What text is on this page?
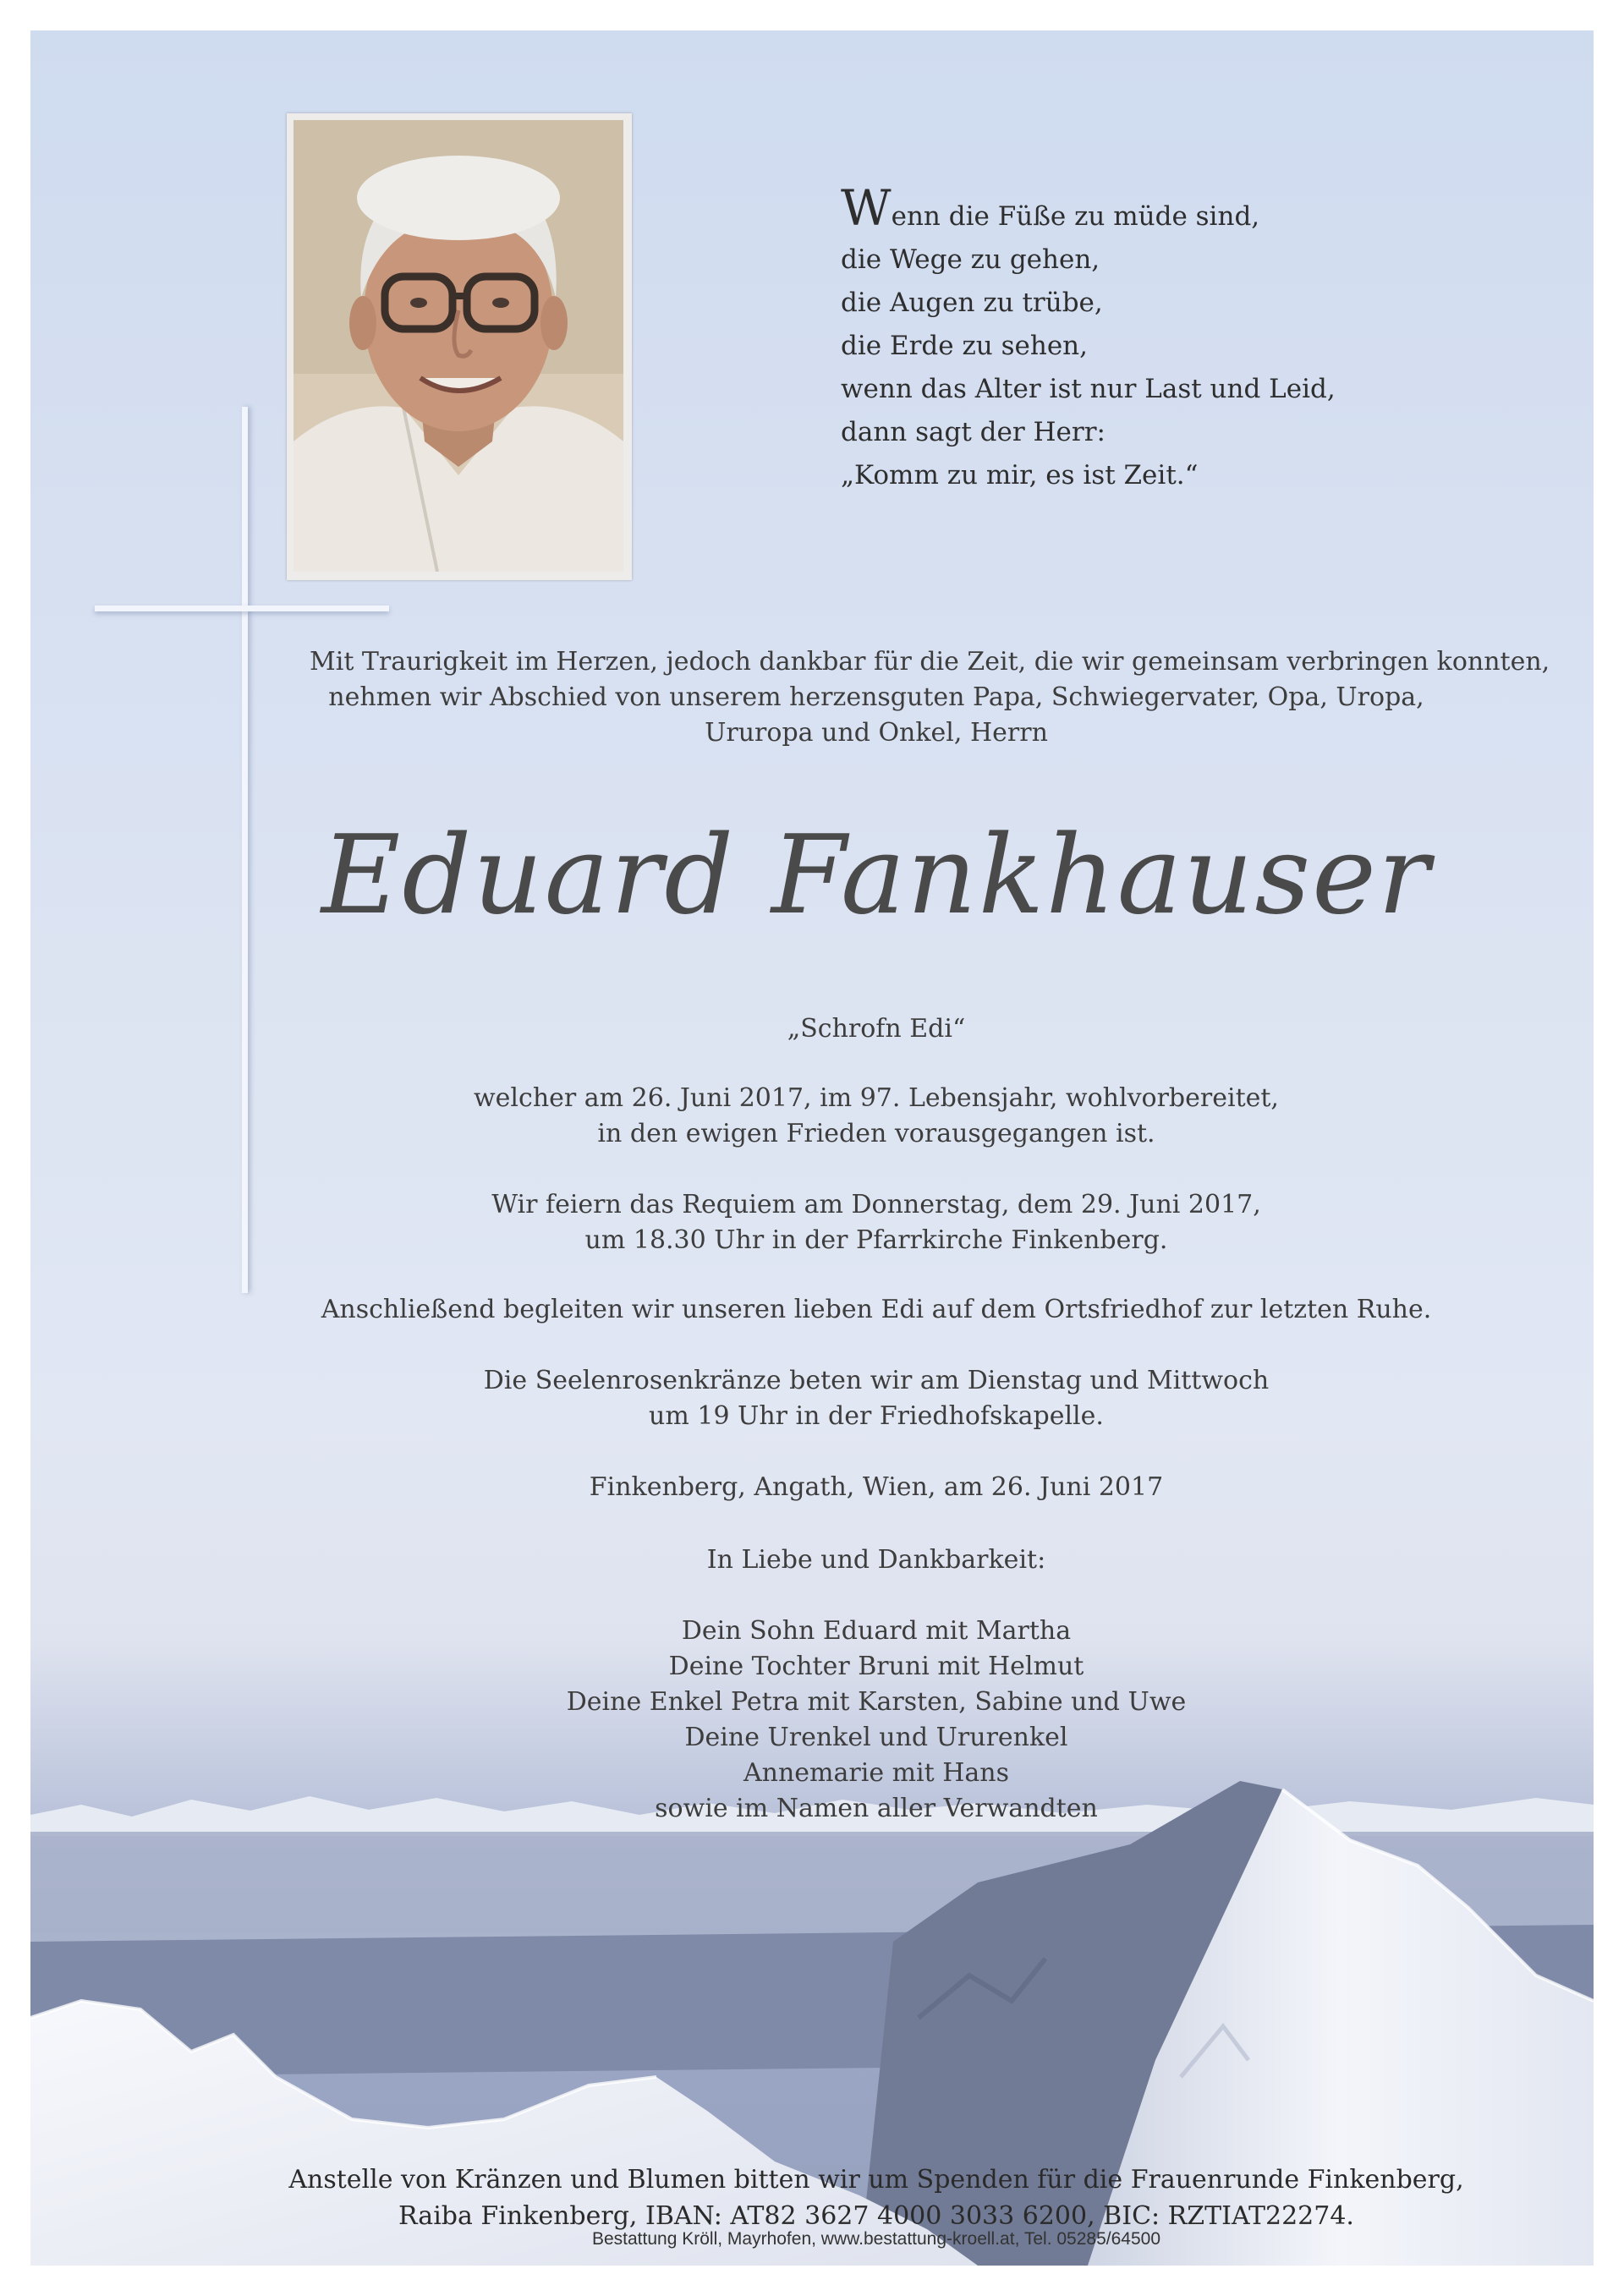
Wenn die Füße zu müde sind,
die Wege zu gehen,
die Augen zu trübe,
die Erde zu sehen,
wenn das Alter ist nur Last und Leid,
dann sagt der Herr:
„Komm zu mir, es ist Zeit.“
Mit Traurigkeit im Herzen, jedoch dankbar für die Zeit, die wir gemeinsam verbringen konnten,
nehmen wir Abschied von unserem herzensguten Papa, Schwiegervater, Opa, Uropa,
Ururopa und Onkel, Herrn
Eduard Fankhauser
„Schrofn Edi“
welcher am 26. Juni 2017, im 97. Lebensjahr, wohlvorbereitet,
in den ewigen Frieden vorausgegangen ist.
Wir feiern das Requiem am Donnerstag, dem 29. Juni 2017,
um 18.30 Uhr in der Pfarrkirche Finkenberg.
Anschließend begleiten wir unseren lieben Edi auf dem Ortsfriedhof zur letzten Ruhe.
Die Seelenrosenkränze beten wir am Dienstag und Mittwoch
um 19 Uhr in der Friedhofskapelle.
Finkenberg, Angath, Wien, am 26. Juni 2017
In Liebe und Dankbarkeit:
Dein Sohn Eduard mit Martha
Deine Tochter Bruni mit Helmut
Deine Enkel Petra mit Karsten, Sabine und Uwe
Deine Urenkel und Ururenkel
Annemarie mit Hans
sowie im Namen aller Verwandten
Anstelle von Kränzen und Blumen bitten wir um Spenden für die Frauenrunde Finkenberg,
Raiba Finkenberg, IBAN: AT82 3627 4000 3033 6200, BIC: RZTIAT22274.
Bestattung Kröll, Mayrhofen, www.bestattung-kroell.at, Tel. 05285/64500
